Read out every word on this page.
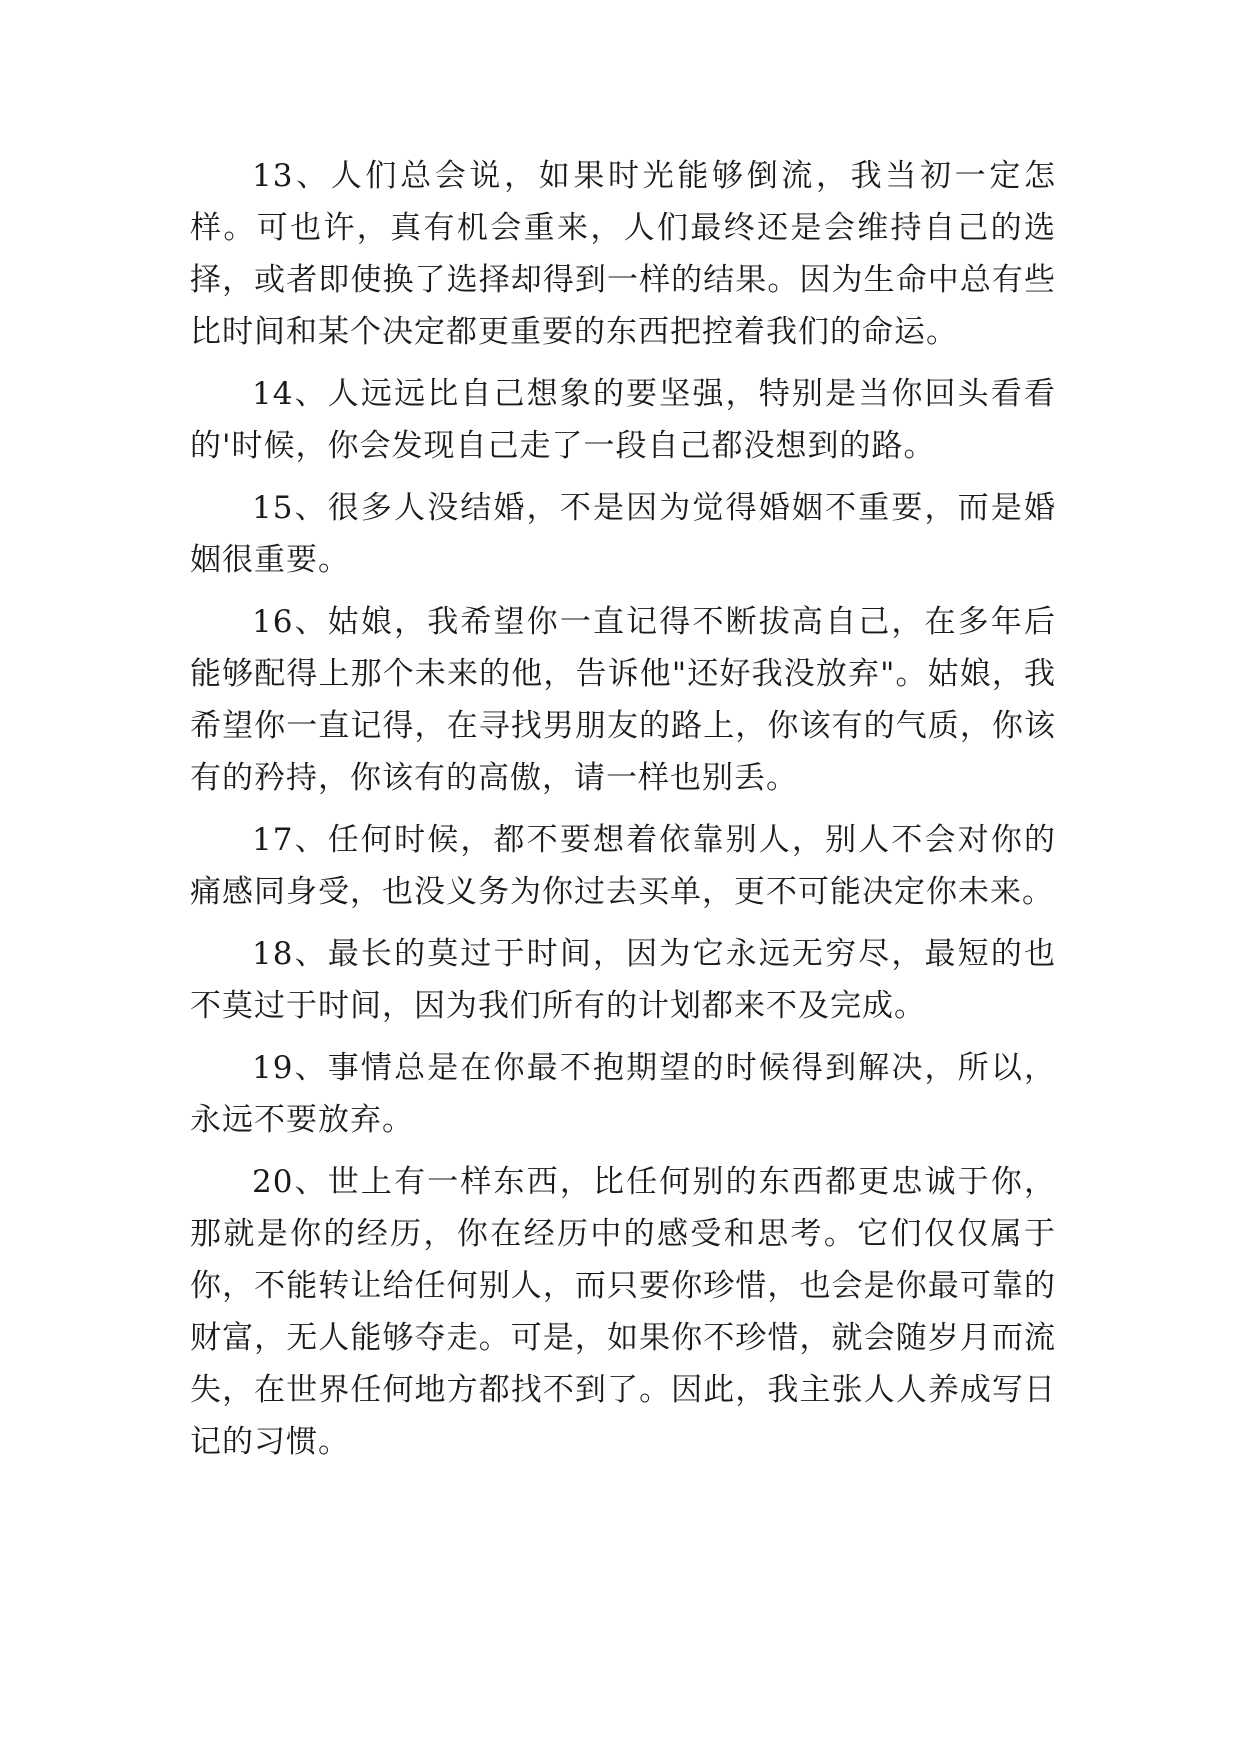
13、人们总会说，如果时光能够倒流，我当初一定怎样。可也许，真有机会重来，人们最终还是会维持自己的选择，或者即使换了选择却得到一样的结果。因为生命中总有些比时间和某个决定都更重要的东西把控着我们的命运。

14、人远远比自己想象的要坚强，特别是当你回头看看的'时候，你会发现自己走了一段自己都没想到的路。

15、很多人没结婚，不是因为觉得婚姻不重要，而是婚姻很重要。

16、姑娘，我希望你一直记得不断拔高自己，在多年后能够配得上那个未来的他，告诉他"还好我没放弃"。姑娘，我希望你一直记得，在寻找男朋友的路上，你该有的气质，你该有的矜持，你该有的高傲，请一样也别丢。

17、任何时候，都不要想着依靠别人，别人不会对你的痛感同身受，也没义务为你过去买单，更不可能决定你未来。

18、最长的莫过于时间，因为它永远无穷尽，最短的也不莫过于时间，因为我们所有的计划都来不及完成。

19、事情总是在你最不抱期望的时候得到解决，所以，永远不要放弃。

20、世上有一样东西，比任何别的东西都更忠诚于你，那就是你的经历，你在经历中的感受和思考。它们仅仅属于你，不能转让给任何别人，而只要你珍惜，也会是你最可靠的财富，无人能够夺走。可是，如果你不珍惜，就会随岁月而流失，在世界任何地方都找不到了。因此，我主张人人养成写日记的习惯。
